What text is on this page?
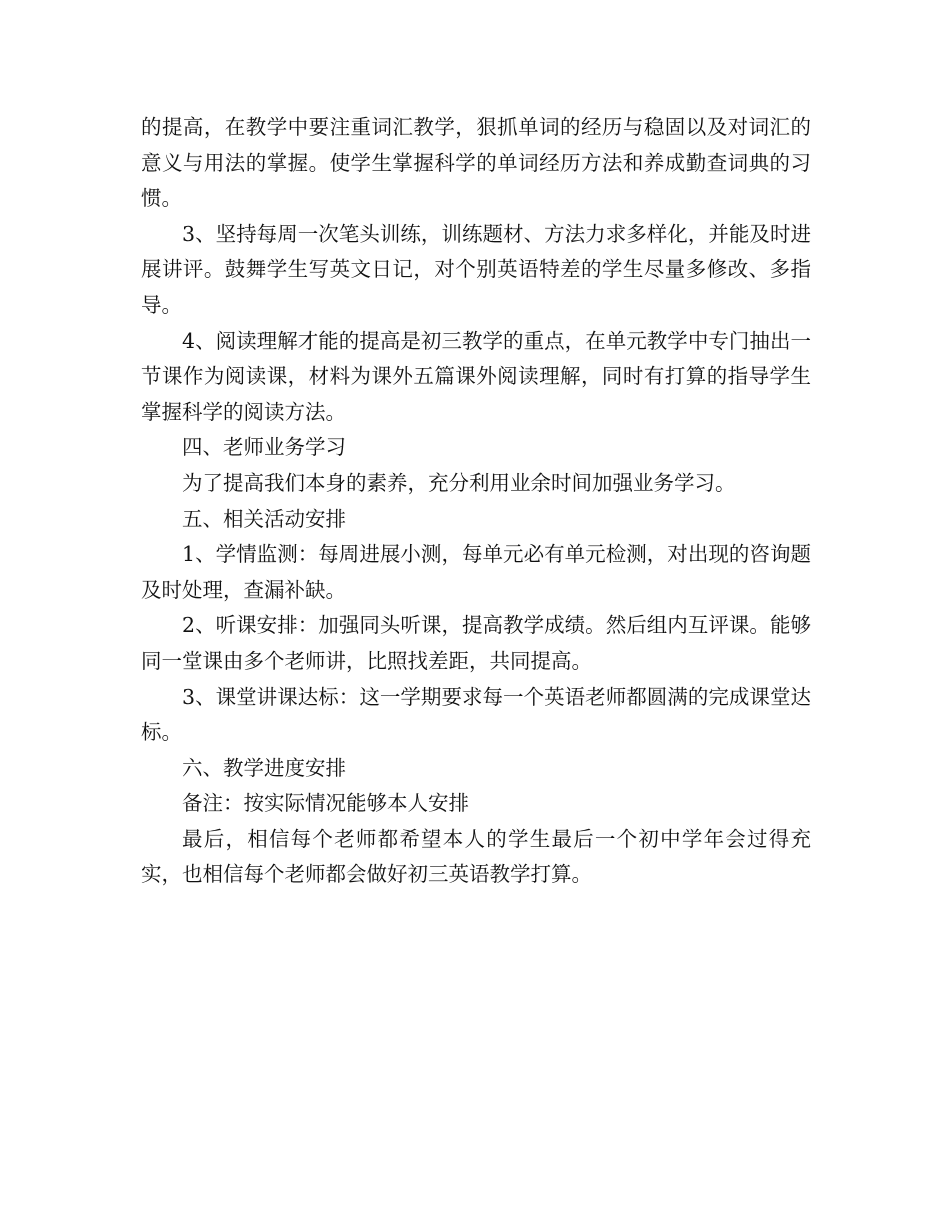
的提高，在教学中要注重词汇教学，狠抓单词的经历与稳固以及对词汇的意义与用法的掌握。使学生掌握科学的单词经历方法和养成勤查词典的习惯。

3、坚持每周一次笔头训练，训练题材、方法力求多样化，并能及时进展讲评。鼓舞学生写英文日记，对个别英语特差的学生尽量多修改、多指导。

4、阅读理解才能的提高是初三教学的重点，在单元教学中专门抽出一节课作为阅读课，材料为课外五篇课外阅读理解，同时有打算的指导学生掌握科学的阅读方法。

四、老师业务学习

为了提高我们本身的素养，充分利用业余时间加强业务学习。

五、相关活动安排

1、学情监测：每周进展小测，每单元必有单元检测，对出现的咨询题及时处理，查漏补缺。

2、听课安排：加强同头听课，提高教学成绩。然后组内互评课。能够同一堂课由多个老师讲，比照找差距，共同提高。

3、课堂讲课达标：这一学期要求每一个英语老师都圆满的完成课堂达标。

六、教学进度安排

备注：按实际情况能够本人安排

最后，相信每个老师都希望本人的学生最后一个初中学年会过得充实，也相信每个老师都会做好初三英语教学打算。
